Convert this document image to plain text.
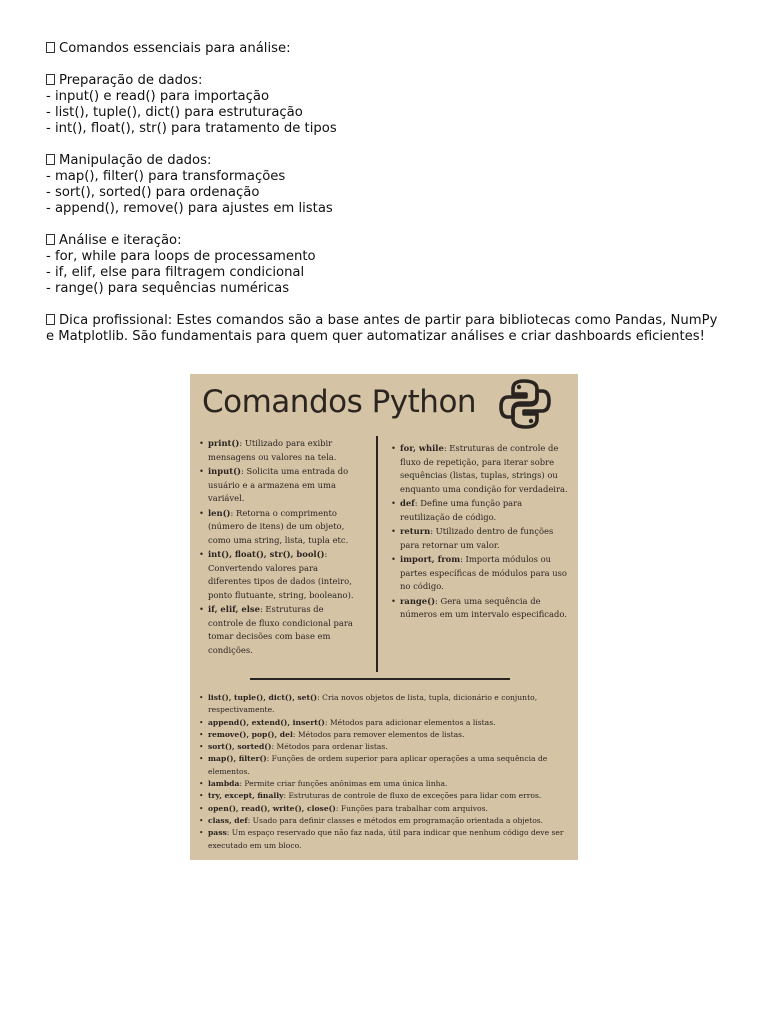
Comandos essenciais para análise:
Preparação de dados:
- input() e read() para importação
- list(), tuple(), dict() para estruturação
- int(), float(), str() para tratamento de tipos
Manipulação de dados:
- map(), filter() para transformações
- sort(), sorted() para ordenação
- append(), remove() para ajustes em listas
Análise e iteração:
- for, while para loops de processamento
- if, elif, else para filtragem condicional
- range() para sequências numéricas
Dica profissional: Estes comandos são a base antes de partir para bibliotecas como Pandas, NumPy e Matplotlib. São fundamentais para quem quer automatizar análises e criar dashboards eficientes!
Comandos Python
• print(): Utilizado para exibir mensagens ou valores na tela.
• input(): Solicita uma entrada do usuário e a armazena em uma variável.
• len(): Retorna o comprimento (número de itens) de um objeto, como uma string, lista, tupla etc.
• int(), float(), str(), bool(): Convertendo valores para diferentes tipos de dados (inteiro, ponto flutuante, string, booleano).
• if, elif, else: Estruturas de controle de fluxo condicional para tomar decisões com base em condições.
• for, while: Estruturas de controle de fluxo de repetição, para iterar sobre sequências (listas, tuplas, strings) ou enquanto uma condição for verdadeira.
• def: Define uma função para reutilização de código.
• return: Utilizado dentro de funções para retornar um valor.
• import, from: Importa módulos ou partes específicas de módulos para uso no código.
• range(): Gera uma sequência de números em um intervalo especificado.
• list(), tuple(), dict(), set(): Cria novos objetos de lista, tupla, dicionário e conjunto, respectivamente.
• append(), extend(), insert(): Métodos para adicionar elementos a listas.
• remove(), pop(), del: Métodos para remover elementos de listas.
• sort(), sorted(): Métodos para ordenar listas.
• map(), filter(): Funções de ordem superior para aplicar operações a uma sequência de elementos.
• lambda: Permite criar funções anônimas em uma única linha.
• try, except, finally: Estruturas de controle de fluxo de exceções para lidar com erros.
• open(), read(), write(), close(): Funções para trabalhar com arquivos.
• class, def: Usado para definir classes e métodos em programação orientada a objetos.
• pass: Um espaço reservado que não faz nada, útil para indicar que nenhum código deve ser executado em um bloco.
